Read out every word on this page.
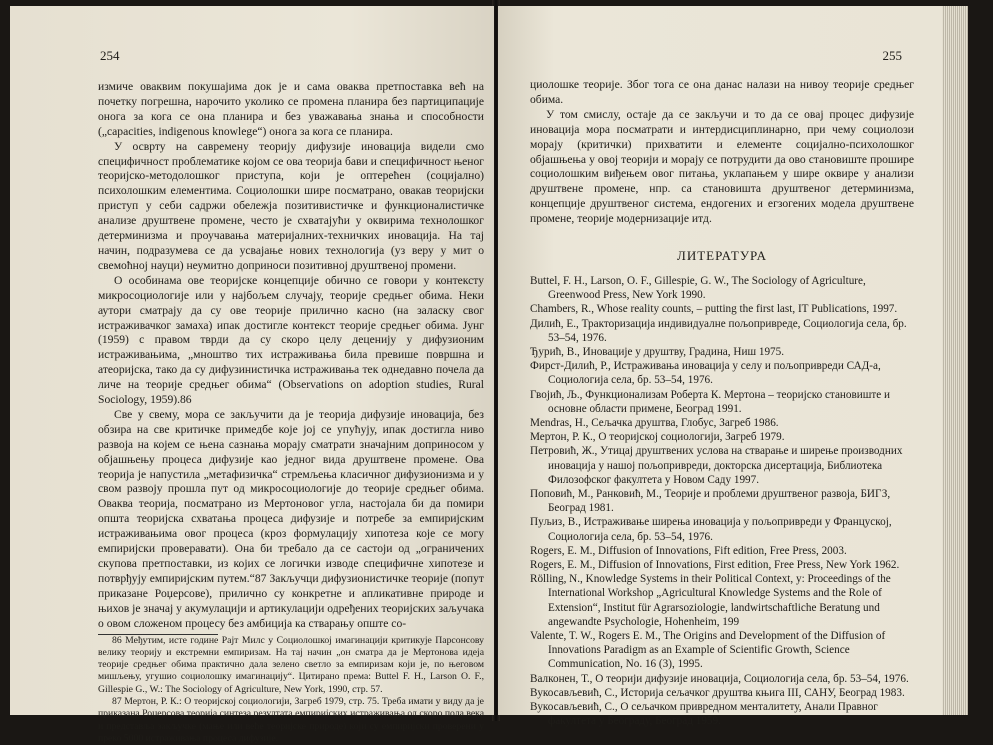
254

измиче оваквим покушајима док је и сама оваква претпоставка већ на почетку погрешна, нарочито уколико се промена планира без партиципације онога за кога се она планира и без уважавања знања и способности („capacities, indigenous knowlege“) онога за кога се планира.

У осврту на савремену теорију дифузије иновација видели смо специфичност проблематике којом се ова теорија бави и специфичност њеног теоријско-методолошког приступа, који је оптерећен (социјално) психолошким елементима. Социолошки шире посматрано, овакав теоријски приступ у себи садржи обележја позитивистичке и функционалистичке анализе друштвене промене, често је схватајући у оквирима технолошког детерминизма и проучавања материјалних-техничких иновација. На тај начин, подразумева се да усвајање нових технологија (уз веру у мит о свемоћној науци) неумитно доприноси позитивној друштвеној промени.

О особинама ове теоријске концепције обично се говори у контексту микросоциологије или у најбољем случају, теорије средњег обима. Неки аутори сматрају да су ове теорије прилично касно (на заласку свог истраживачког замаха) ипак достигле контекст теорије средњег обима. Јунг (1959) с правом тврди да су скоро целу деценију у дифузионим истраживањима, „мноштво тих истраживања била превише површна и атеоријска, тако да су дифузинистичка истраживања тек однедавно почела да личе на теорије средњег обима“ (Observations on adoption studies, Rural Sociology, 1959).86

Све у свему, мора се закључити да је теорија дифузије иновација, без обзира на све критичке примедбе које јој се упућују, ипак достигла ниво развоја на којем се њена сазнања морају сматрати значајним доприносом у објашњењу процеса дифузије као једног вида друштвене промене. Ова теорија је напустила „метафизичка“ стремљења класичног дифузионизма и у свом развоју прошла пут од микросоциологије до теорије средњег обима. Оваква теорија, посматрано из Мертоновог угла, настојала би да помири општа теоријска схватања процеса дифузије и потребе за емпиријским истраживањима овог процеса (кроз формулацију хипотеза које се могу емпиријски проверавати). Она би требало да се састоји од „ограничених скупова претпоставки, из којих се логички изводе специфичне хипотезе и потврђују емпиријским путем.“87 Закључци дифузионистичке теорије (попут приказане Роџерсове), прилично су конкретне и апликативне природе и њихов је значај у акумулацији и артикулацији одређених теоријских заључака о овом сложеном процесу без амбиција ка стварању опште со-

86 Међутим, исте године Рајт Милс у Социолошкој имагинацији критикује Парсонсову велику теорију и екстремни емпиризам. На тај начин „он сматра да је Мертонова идеја теорије средњег обима практично дала зелено светло за емпиризам који је, по његовом мишљењу, угушио социолошку имагинацију“. Цитирано према: Buttel F. H., Larson O. F., Gillespie G., W.: The Sociology of Agriculture, New York, 1990, стр. 57.

87 Мертон, Р. К.: О теоријској социологији, Загреб 1979, стр. 75. Треба имати у виду да је приказана Роџерсова теорија синтеза резултата емпиријских истраживања од скоро пола века и представља закључке (мање или веће теоријске природе) који су емпиријски проверени у преко 5000 истраживања процеса дифузије.

255

циолошке теорије. Због тога се она данас налази на нивоу теорије средњег обима.

У том смислу, остаје да се закључи и то да се овај процес дифузије иновација мора посматрати и интердисциплинарно, при чему социолози морају (критички) прихватити и елементе социјално-психолошког објашњења у овој теорији и морају се потрудити да ово становиште прошире социолошким виђењем овог питања, уклапањем у шире оквире у анализи друштвене промене, нпр. са становишта друштвеног детерминизма, концепције друштвеног система, ендогених и егзогених модела друштвене промене, теорије модернизације итд.

ЛИТЕРАТУРА

Buttel, F. H., Larson, O. F., Gillespie, G. W., The Sociology of Agriculture, Greenwood Press, New York 1990.

Chambers, R., Whose reality counts, – putting the first last, IT Publications, 1997.

Дилић, Е., Трактоpизација индивидуалне пољопривреде, Социологија села, бр. 53–54, 1976.

Ђурић, В., Иновације у друштву, Градина, Ниш 1975.

Фирст-Дилић, Р., Истраживања иновација у селу и пољопривреди САД-а, Социологија села, бр. 53–54, 1976.

Гвојић, Љ., Функционализам Роберта К. Мертона – теоријско становиште и основне области примене, Београд 1991.

Mendras, H., Сељачка друштва, Глобус, Загреб 1986.

Мертон, Р. К., О теоријској социологији, Загреб 1979.

Петровић, Ж., Утицај друштвених услова на стварање и ширење производних иновација у нашој пољопривреди, докторска дисертација, Библиотека Филозофског факултета у Новом Саду 1997.

Поповић, М., Ранковић, М., Теорије и проблеми друштвеног развоја, БИГЗ, Београд 1981.

Пуљиз, В., Истраживање ширења иновација у пољопривреди у Француској, Социологија села, бр. 53–54, 1976.

Rogers, E. M., Diffusion of Innovations, Fift edition, Free Press, 2003.

Rogers, E. M., Diffusion of Innovations, First edition, Free Press, New York 1962.

Rölling, N., Knowledge Systems in their Political Context, y: Proceedings of the International Workshop „Agricultural Knowledge Systems and the Role of Extension“, Institut für Agrarsoziologie, landwirtschaftliche Beratung und angewandte Psychologie, Hohenheim, 199

Valente, T. W., Rogers E. M., The Origins and Development of the Diffusion of Innovations Paradigm as an Example of Scientific Growth, Science Communication, No. 16 (3), 1995.

Валконен, Т., О теорији дифузије иновација, Социологија села, бр. 53–54, 1976.

Вукосављевић, С., Историја сељачког друштва књига III, САНУ, Београд 1983.

Вукосављевић, С., О сељачком привредном менталитету, Анали Правног факултета у Београду, Београд 1959.
